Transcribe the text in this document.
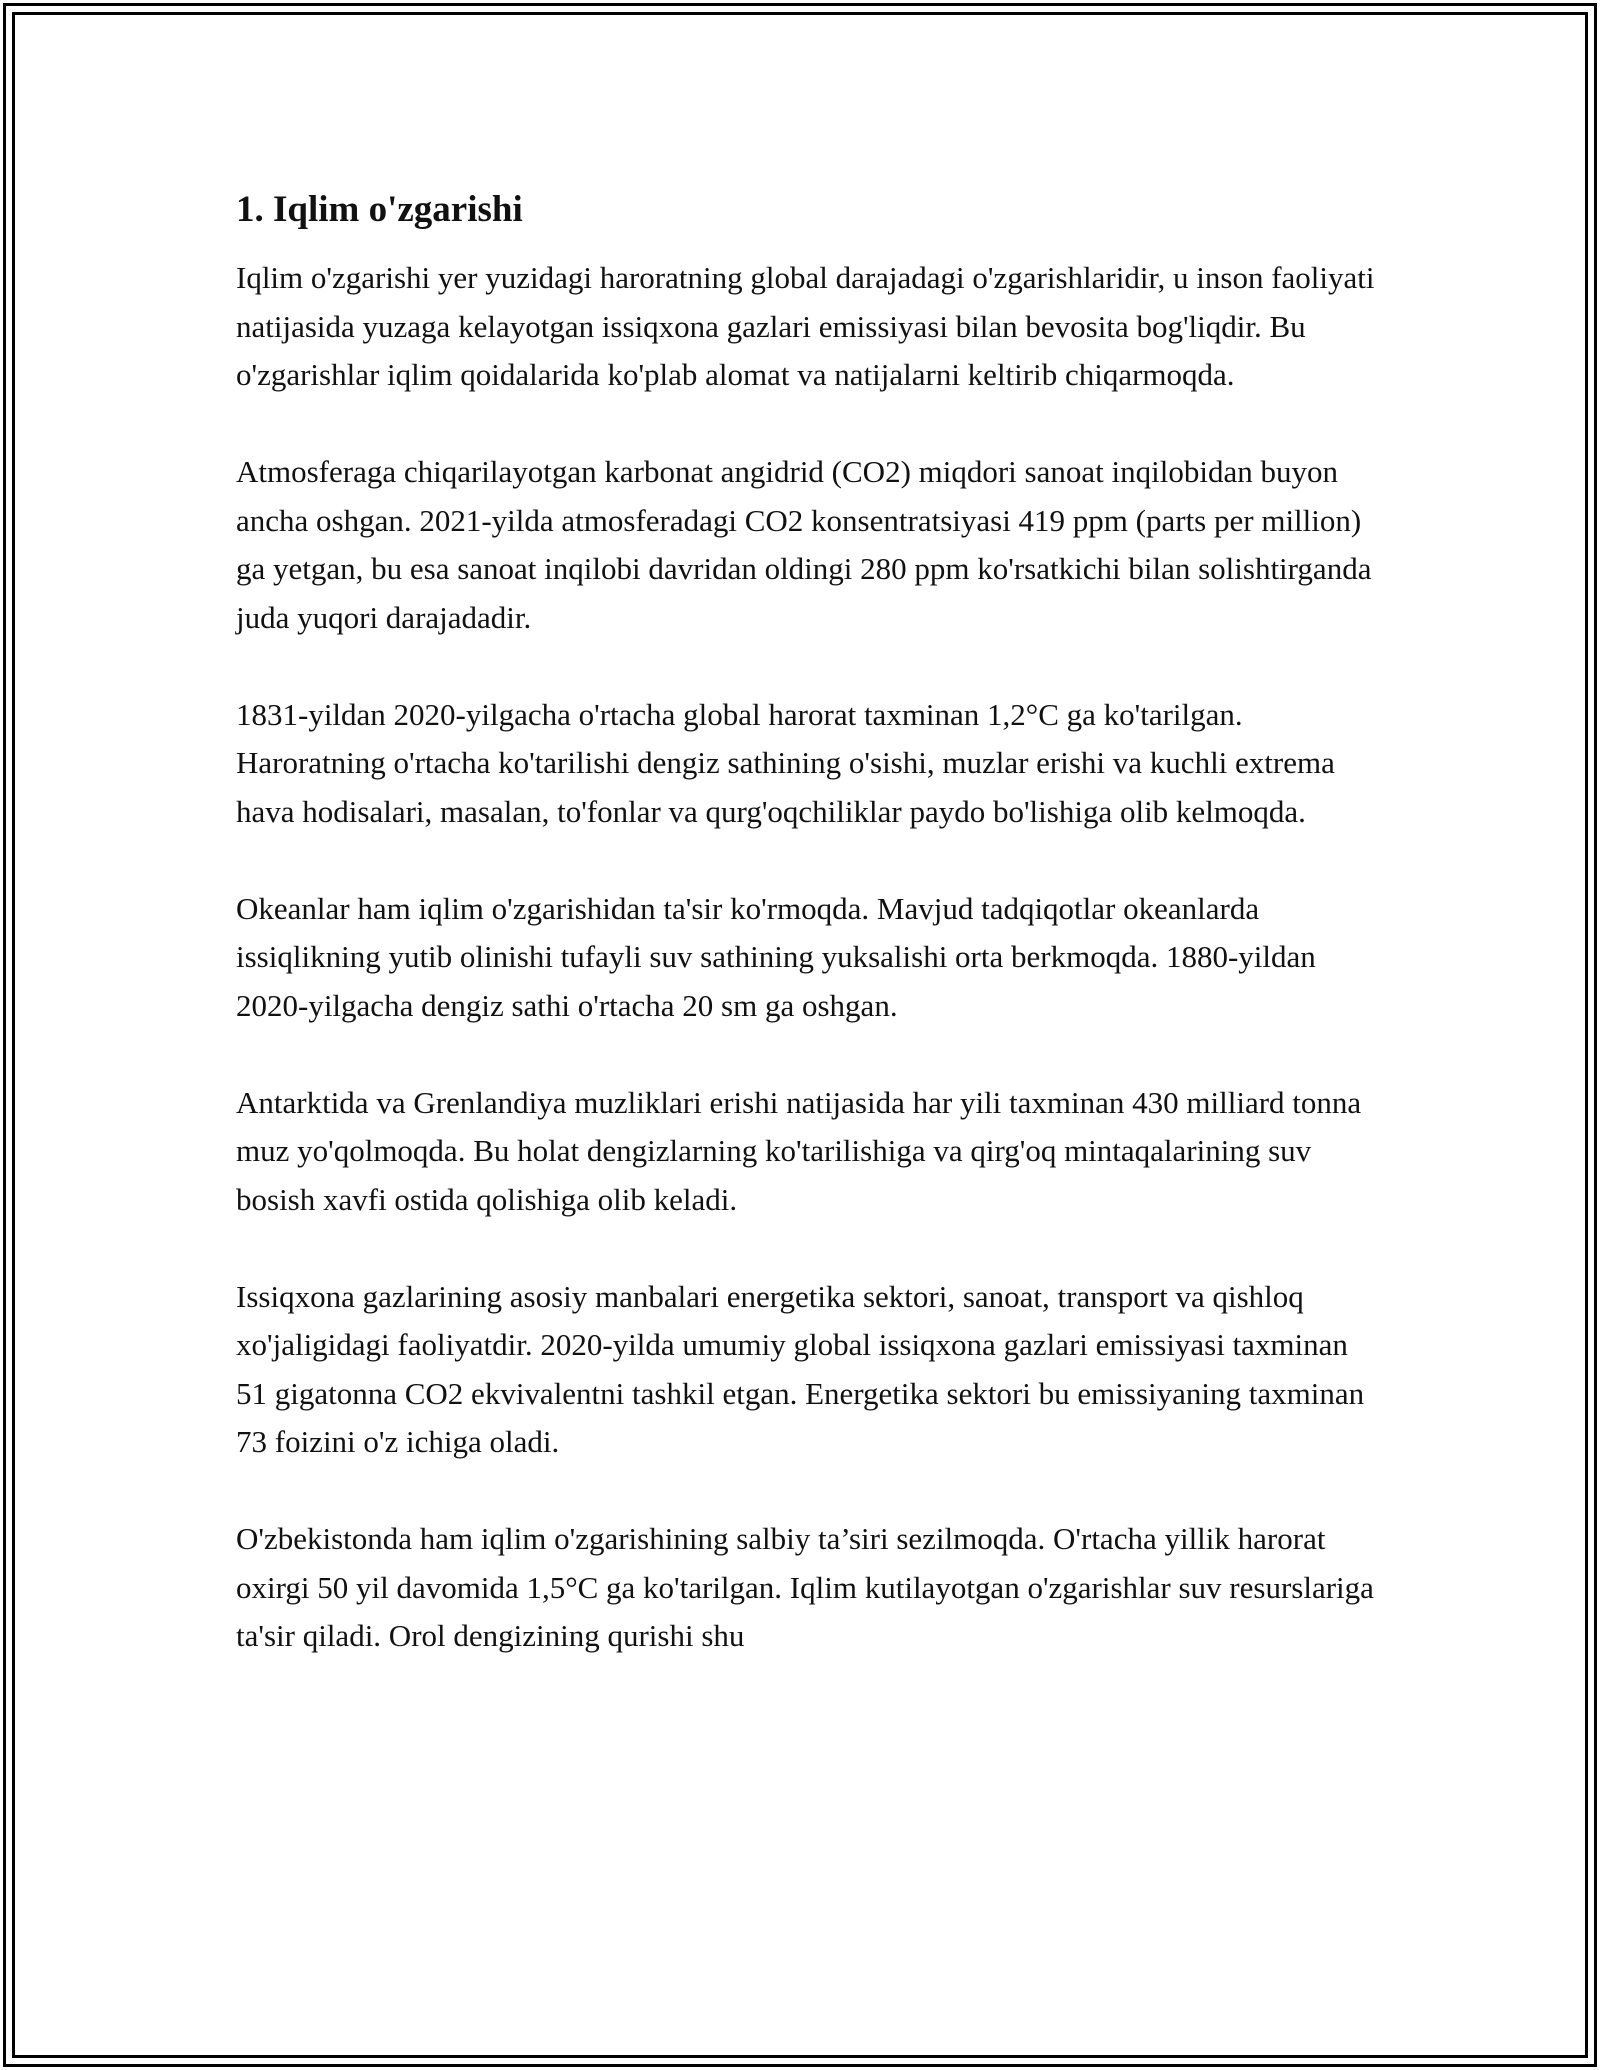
1. Iqlim o'zgarishi

Iqlim o'zgarishi yer yuzidagi haroratning global darajadagi o'zgarishlaridir, u inson faoliyati natijasida yuzaga kelayotgan issiqxona gazlari emissiyasi bilan bevosita bog'liqdir. Bu o'zgarishlar iqlim qoidalarida ko'plab alomat va natijalarni keltirib chiqarmoqda.

Atmosferaga chiqarilayotgan karbonat angidrid (CO2) miqdori sanoat inqilobidan buyon ancha oshgan. 2021-yilda atmosferadagi CO2 konsentratsiyasi 419 ppm (parts per million) ga yetgan, bu esa sanoat inqilobi davridan oldingi 280 ppm ko'rsatkichi bilan solishtirganda juda yuqori darajadadir.

1831-yildan 2020-yilgacha o'rtacha global harorat taxminan 1,2°C ga ko'tarilgan. Haroratning o'rtacha ko'tarilishi dengiz sathining o'sishi, muzlar erishi va kuchli extrema hava hodisalari, masalan, to'fonlar va qurg'oqchiliklar paydo bo'lishiga olib kelmoqda.

Okeanlar ham iqlim o'zgarishidan ta'sir ko'rmoqda. Mavjud tadqiqotlar okeanlarda issiqlikning yutib olinishi tufayli suv sathining yuksalishi orta berkmoqda. 1880-yildan 2020-yilgacha dengiz sathi o'rtacha 20 sm ga oshgan.

Antarktida va Grenlandiya muzliklari erishi natijasida har yili taxminan 430 milliard tonna muz yo'qolmoqda. Bu holat dengizlarning ko'tarilishiga va qirg'oq mintaqalarining suv bosish xavfi ostida qolishiga olib keladi.

Issiqxona gazlarining asosiy manbalari energetika sektori, sanoat, transport va qishloq xo'jaligidagi faoliyatdir. 2020-yilda umumiy global issiqxona gazlari emissiyasi taxminan 51 gigatonna CO2 ekvivalentni tashkil etgan. Energetika sektori bu emissiyaning taxminan 73 foizini o'z ichiga oladi.

O'zbekistonda ham iqlim o'zgarishining salbiy ta’siri sezilmoqda. O'rtacha yillik harorat oxirgi 50 yil davomida 1,5°C ga ko'tarilgan. Iqlim kutilayotgan o'zgarishlar suv resurslariga ta'sir qiladi. Orol dengizining qurishi shu
